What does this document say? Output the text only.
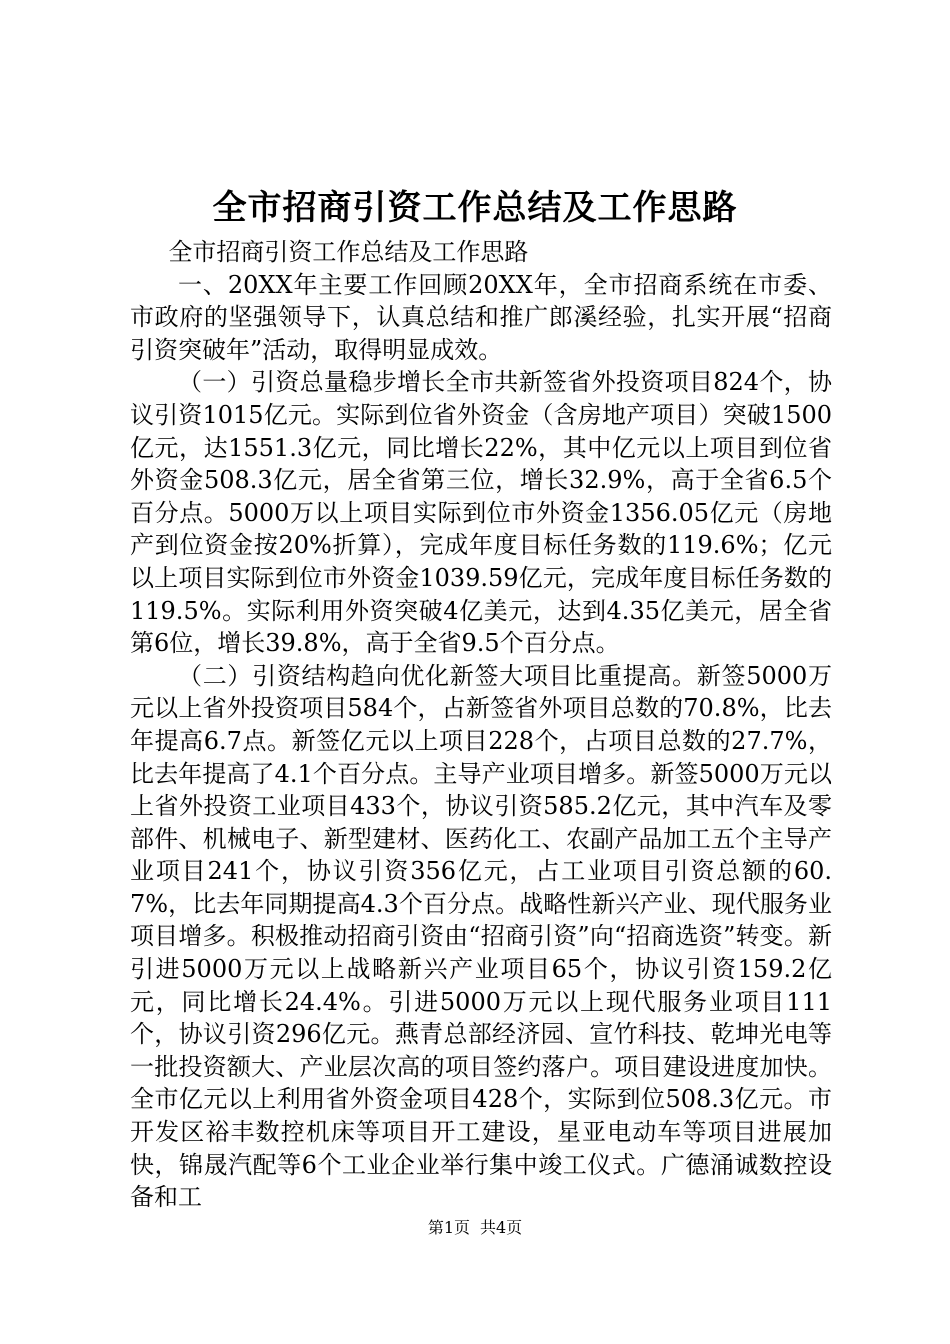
全市招商引资工作总结及工作思路

全市招商引资工作总结及工作思路

一、20XX年主要工作回顾20XX年，全市招商系统在市委、市政府的坚强领导下，认真总结和推广郎溪经验，扎实开展“招商引资突破年”活动，取得明显成效。

（一）引资总量稳步增长全市共新签省外投资项目824个，协议引资1015亿元。实际到位省外资金（含房地产项目）突破1500亿元，达1551.3亿元，同比增长22%，其中亿元以上项目到位省外资金508.3亿元，居全省第三位，增长32.9%，高于全省6.5个百分点。5000万以上项目实际到位市外资金1356.05亿元（房地产到位资金按20%折算），完成年度目标任务数的119.6%；亿元以上项目实际到位市外资金1039.59亿元，完成年度目标任务数的119.5%。实际利用外资突破4亿美元，达到4.35亿美元，居全省第6位，增长39.8%，高于全省9.5个百分点。

（二）引资结构趋向优化新签大项目比重提高。新签5000万元以上省外投资项目584个，占新签省外项目总数的70.8%，比去年提高6.7点。新签亿元以上项目228个，占项目总数的27.7%，比去年提高了4.1个百分点。主导产业项目增多。新签5000万元以上省外投资工业项目433个，协议引资585.2亿元，其中汽车及零部件、机械电子、新型建材、医药化工、农副产品加工五个主导产业项目241个，协议引资356亿元，占工业项目引资总额的60.7%，比去年同期提高4.3个百分点。战略性新兴产业、现代服务业项目增多。积极推动招商引资由“招商引资”向“招商选资”转变。新引进5000万元以上战略新兴产业项目65个，协议引资159.2亿元，同比增长24.4%。引进5000万元以上现代服务业项目111个，协议引资296亿元。燕青总部经济园、宣竹科技、乾坤光电等一批投资额大、产业层次高的项目签约落户。项目建设进度加快。全市亿元以上利用省外资金项目428个，实际到位508.3亿元。市开发区裕丰数控机床等项目开工建设，星亚电动车等项目进展加快，锦晟汽配等6个工业企业举行集中竣工仪式。广德涌诚数控设备和工

第1页 共4页
